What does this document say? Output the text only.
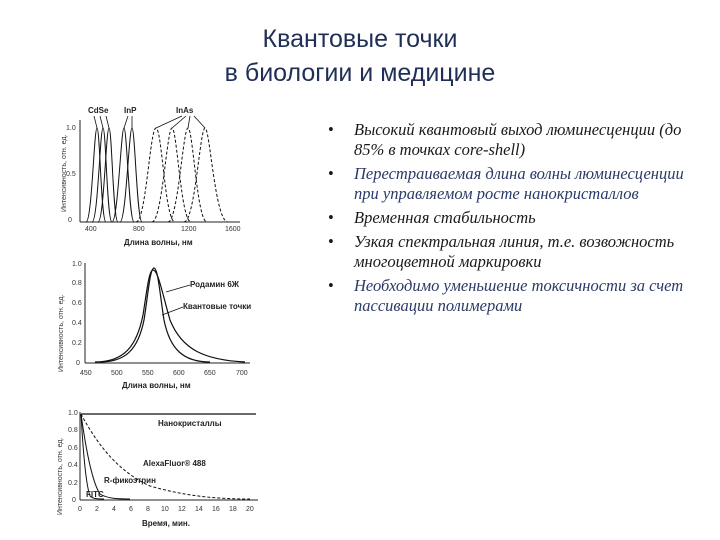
Квантовые точки
в биологии и медицине
• Высокий квантовый выход люминесценции (до 85% в точках core-shell)
• Перестраиваемая длина волны люминесценции при управляемом росте нанокристаллов
• Временная стабильность
• Узкая спектральная линия, т.е. возвожность многоцветной маркировки
• Необходимо уменьшение токсичности за счет пассивации полимерами
Интенсивность, отн. ед.
Длина волны, нм
400	800	1200	1600
0
0.5
1.0
CdSe InP	InAs
Интенсивность, отн. ед.
Длина волны, нм
450	500	550	600	650	700
0
0.2
0.4
0.6
0.8
1.0
Родамин 6Ж
Квантовые точки
Интенсивность, отн. ед.
Время, мин.
0 2 4 6 8 10 12 14 16 18 20
0
0.2
0.4
0.6
0.8
1.0
Нанокристаллы
AlexaFluor® 488
R-фикоэтрин
FITC
